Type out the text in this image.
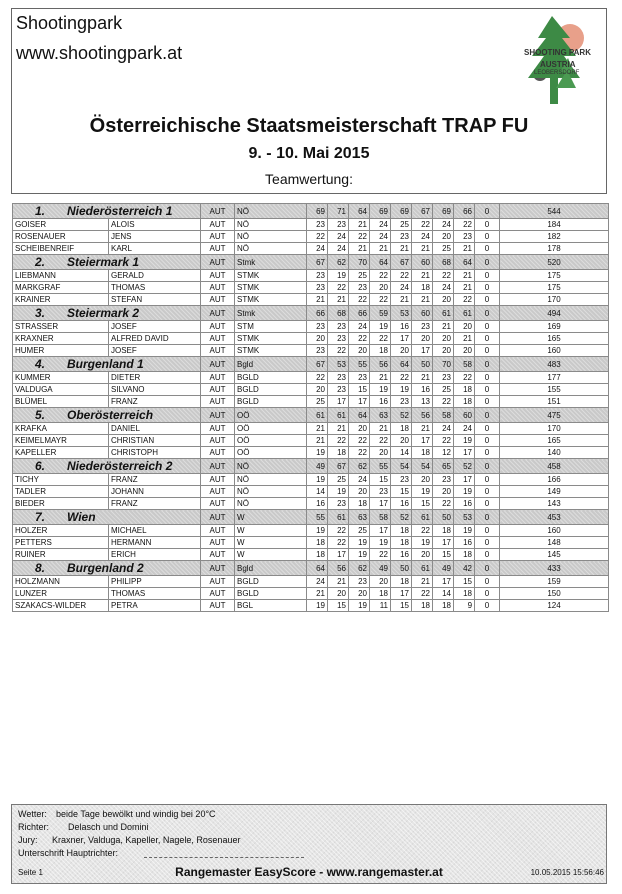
Shootingpark
www.shootingpark.at	SHOOTING PARK
AUSTRIA
LEOBERSDORF
Österreichische Staatsmeisterschaft TRAP FU
9. - 10. Mai 2015
Teamwertung:
1. Niederösterreich 1		AUT	NÖ	69	71	64	69	69	67	69	66	0	544
GOISER	ALOIS	AUT	NÖ	23	23	21	24	25	22	24	22	0	184
ROSENAUER	JENS	AUT	NÖ	22	24	22	24	23	24	20	23	0	182
SCHEIBENREIF	KARL	AUT	NÖ	24	24	21	21	21	21	25	21	0	178
2. Steiermark 1		AUT	Stmk	67	62	70	64	67	60	68	64	0	520
LIEBMANN	GERALD	AUT	STMK	23	19	25	22	22	21	22	21	0	175
MARKGRAF	THOMAS	AUT	STMK	23	22	23	20	24	18	24	21	0	175
KRAINER	STEFAN	AUT	STMK	21	21	22	22	21	21	20	22	0	170
3. Steiermark 2		AUT	Stmk	66	68	66	59	53	60	61	61	0	494
STRASSER	JOSEF	AUT	STM	23	23	24	19	16	23	21	20	0	169
KRAXNER	ALFRED DAVID	AUT	STMK	20	23	22	22	17	20	20	21	0	165
HUMER	JOSEF	AUT	STMK	23	22	20	18	20	17	20	20	0	160
4. Burgenland 1		AUT	Bgld	67	53	55	56	64	50	70	58	0	483
KUMMER	DIETER	AUT	BGLD	22	23	23	21	22	21	23	22	0	177
VALDUGA	SILVANO	AUT	BGLD	20	23	15	19	19	16	25	18	0	155
BLÜMEL	FRANZ	AUT	BGLD	25	17	17	16	23	13	22	18	0	151
5. Oberösterreich		AUT	OÖ	61	61	64	63	52	56	58	60	0	475
KRAFKA	DANIEL	AUT	OÖ	21	21	20	21	18	21	24	24	0	170
KEIMELMAYR	CHRISTIAN	AUT	OÖ	21	22	22	22	20	17	22	19	0	165
KAPELLER	CHRISTOPH	AUT	OÖ	19	18	22	20	14	18	12	17	0	140
6. Niederösterreich 2		AUT	NÖ	49	67	62	55	54	54	65	52	0	458
TICHY	FRANZ	AUT	NÖ	19	25	24	15	23	20	23	17	0	166
TADLER	JOHANN	AUT	NÖ	14	19	20	23	15	19	20	19	0	149
BIEDER	FRANZ	AUT	NÖ	16	23	18	17	16	15	22	16	0	143
7. Wien		AUT	W	55	61	63	58	52	61	50	53	0	453
HOLZER	MICHAEL	AUT	W	19	22	25	17	18	22	18	19	0	160
PETTERS	HERMANN	AUT	W	18	22	19	19	18	19	17	16	0	148
RUINER	ERICH	AUT	W	18	17	19	22	16	20	15	18	0	145
8. Burgenland 2		AUT	Bgld	64	56	62	49	50	61	49	42	0	433
HOLZMANN	PHILIPP	AUT	BGLD	24	21	23	20	18	21	17	15	0	159
LUNZER	THOMAS	AUT	BGLD	21	20	20	18	17	22	14	18	0	150
SZAKACS-WILDER	PETRA	AUT	BGL	19	15	19	11	15	18	18	9	0	124
Wetter: beide Tage bewölkt und windig bei 20°C
Richter: Delasch und Domini
Jury: Kraxner, Valduga, Kapeller, Nagele, Rosenauer
Unterschrift Hauptrichter:
Seite 1	Rangemaster EasyScore - www.rangemaster.at	10.05.2015 15:56:46
